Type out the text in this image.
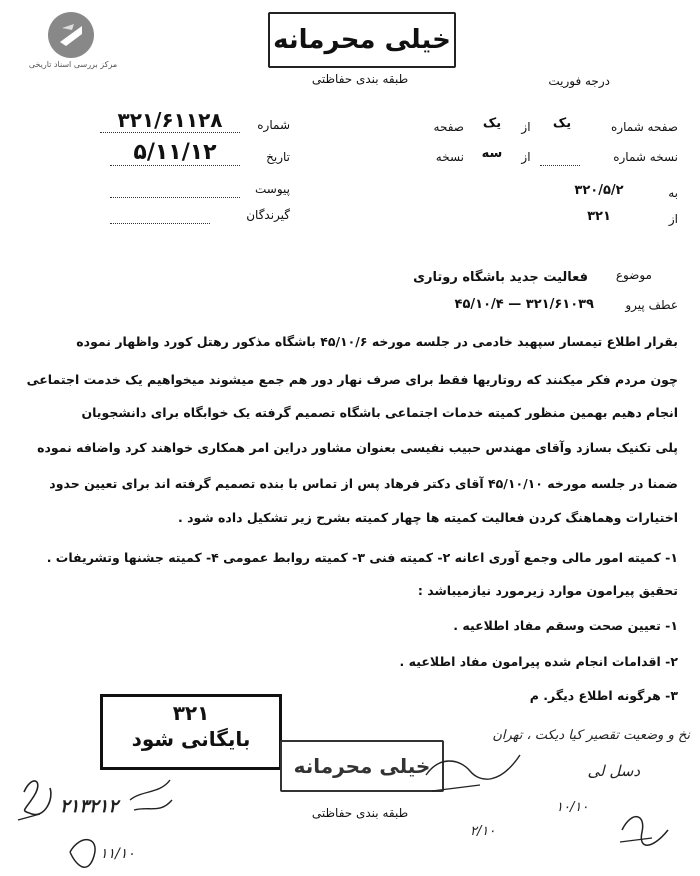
مرکز بررسی اسناد تاریخی
خیلی محرمانه
طبقه بندی حفاظتی	درجه فوریت
شماره
۳۲۱/۶۱۱۲۸
تاریخ
۵/۱۱/۱۲
پیوست
گیرندگان
صفحه شماره
یک
از
یک
صفحه
نسخه شماره
از
سه
نسخه
به
۳۲۰/۵/۲
از
۳۲۱
موضوع
فعالیت جدید باشگاه روتاری
عطف پیرو
۴۵/۱۰/۴ — ۳۲۱/۶۱۰۳۹
بقرار اطلاع تیمسار سپهبد خادمی در جلسه مورخه ۴۵/۱۰/۶ باشگاه مذکور رهتل کورد واظهار نموده
چون مردم فکر میکنند که روتاریها فقط برای صرف نهار دور هم جمع میشوند میخواهیم یک خدمت اجتماعی
انجام دهیم بهمین منظور کمیته خدمات اجتماعی باشگاه تصمیم گرفته یک خوابگاه برای دانشجویان
پلی تکنیک بسازد وآقای مهندس حبیب نفیسی بعنوان مشاور دراین امر همکاری خواهند کرد واضافه نموده
ضمنا در جلسه مورخه ۴۵/۱۰/۱۰ آقای دکتر فرهاد پس از تماس با بنده تصمیم گرفته اند برای تعیین حدود
اختیارات وهماهنگ کردن فعالیت کمیته ها چهار کمیته بشرح زیر تشکیل داده شود .
۱- کمیته امور مالی وجمع آوری اعانه ۲- کمیته فنی ۳- کمیته روابط عمومی ۴- کمیته جشنها وتشریفات .
تحقیق پیرامون موارد زیرمورد نیازمیباشد :
۱- تعیین صحت وسقم مفاد اطلاعیه .
۲- اقدامات انجام شده پیرامون مفاد اطلاعیه .
۳- هرگونه اطلاع دیگر. م
۳۲۱
بایگانی شود
خیلی محرمانه
طبقه بندی حفاظتی
نخ و وضعیت تقصیر کیا دیکت ، تهران
دسل لی
۱۰/۱۰
۲/۱۰
۲۱۳۲۱۲
۱۱/۱۰
